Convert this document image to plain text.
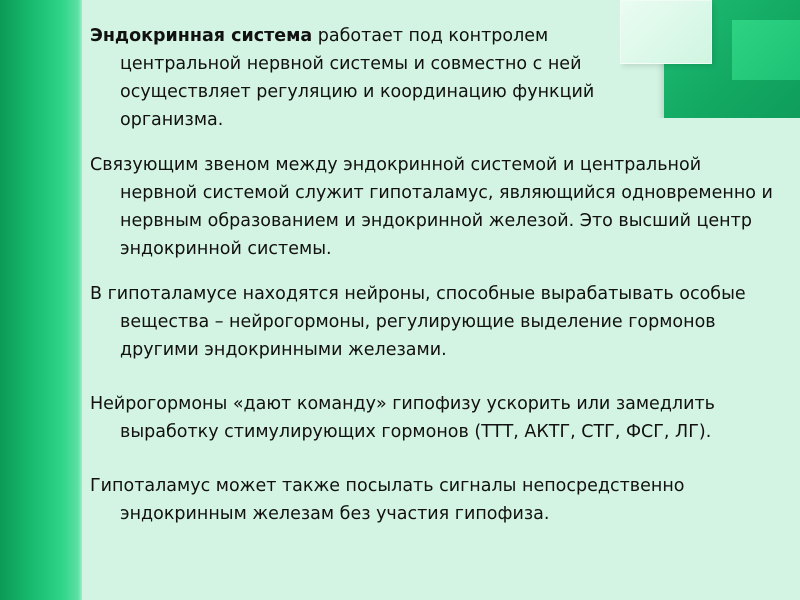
Эндокринная система работает под контролем центральной нервной системы и совместно с ней осуществляет регуляцию и координацию функций организма.

Связующим звеном между эндокринной системой и центральной нервной системой служит гипоталамус, являющийся одновременно и нервным образованием и эндокринной железой. Это высший центр эндокринной системы.

В гипоталамусе находятся нейроны, способные вырабатывать особые вещества – нейрогормоны, регулирующие выделение гормонов другими эндокринными железами.

Нейрогормоны «дают команду» гипофизу ускорить или замедлить выработку стимулирующих гормонов (ТТТ, АКТГ, СТГ, ФСГ, ЛГ).

Гипоталамус может также посылать сигналы непосредственно эндокринным железам без участия гипофиза.
